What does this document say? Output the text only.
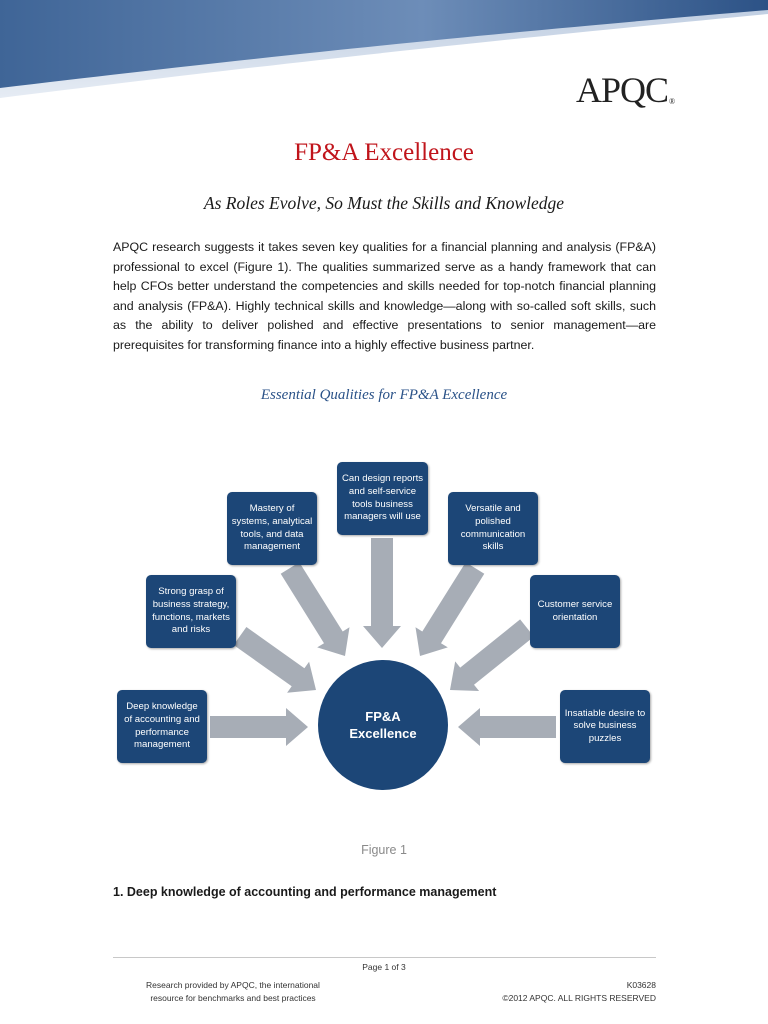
APQC®
FP&A Excellence
As Roles Evolve, So Must the Skills and Knowledge

APQC research suggests it takes seven key qualities for a financial planning and analysis (FP&A) professional to excel (Figure 1). The qualities summarized serve as a handy framework that can help CFOs better understand the competencies and skills needed for top-notch financial planning and analysis (FP&A). Highly technical skills and knowledge—along with so-called soft skills, such as the ability to deliver polished and effective presentations to senior management—are prerequisites for transforming finance into a highly effective business partner.

Essential Qualities for FP&A Excellence
FP&A
Excellence
Deep knowledge of accounting and performance management
Strong grasp of business strategy, functions, markets and risks
Mastery of systems, analytical tools, and data management
Can design reports and self-service tools business managers will use
Versatile and polished communication skills
Customer service orientation
Insatiable desire to solve business puzzles
Figure 1
1. Deep knowledge of accounting and performance management
Page 1 of 3
Research provided by APQC, the international
resource for benchmarks and best practices
K03628
©2012 APQC. ALL RIGHTS RESERVED
